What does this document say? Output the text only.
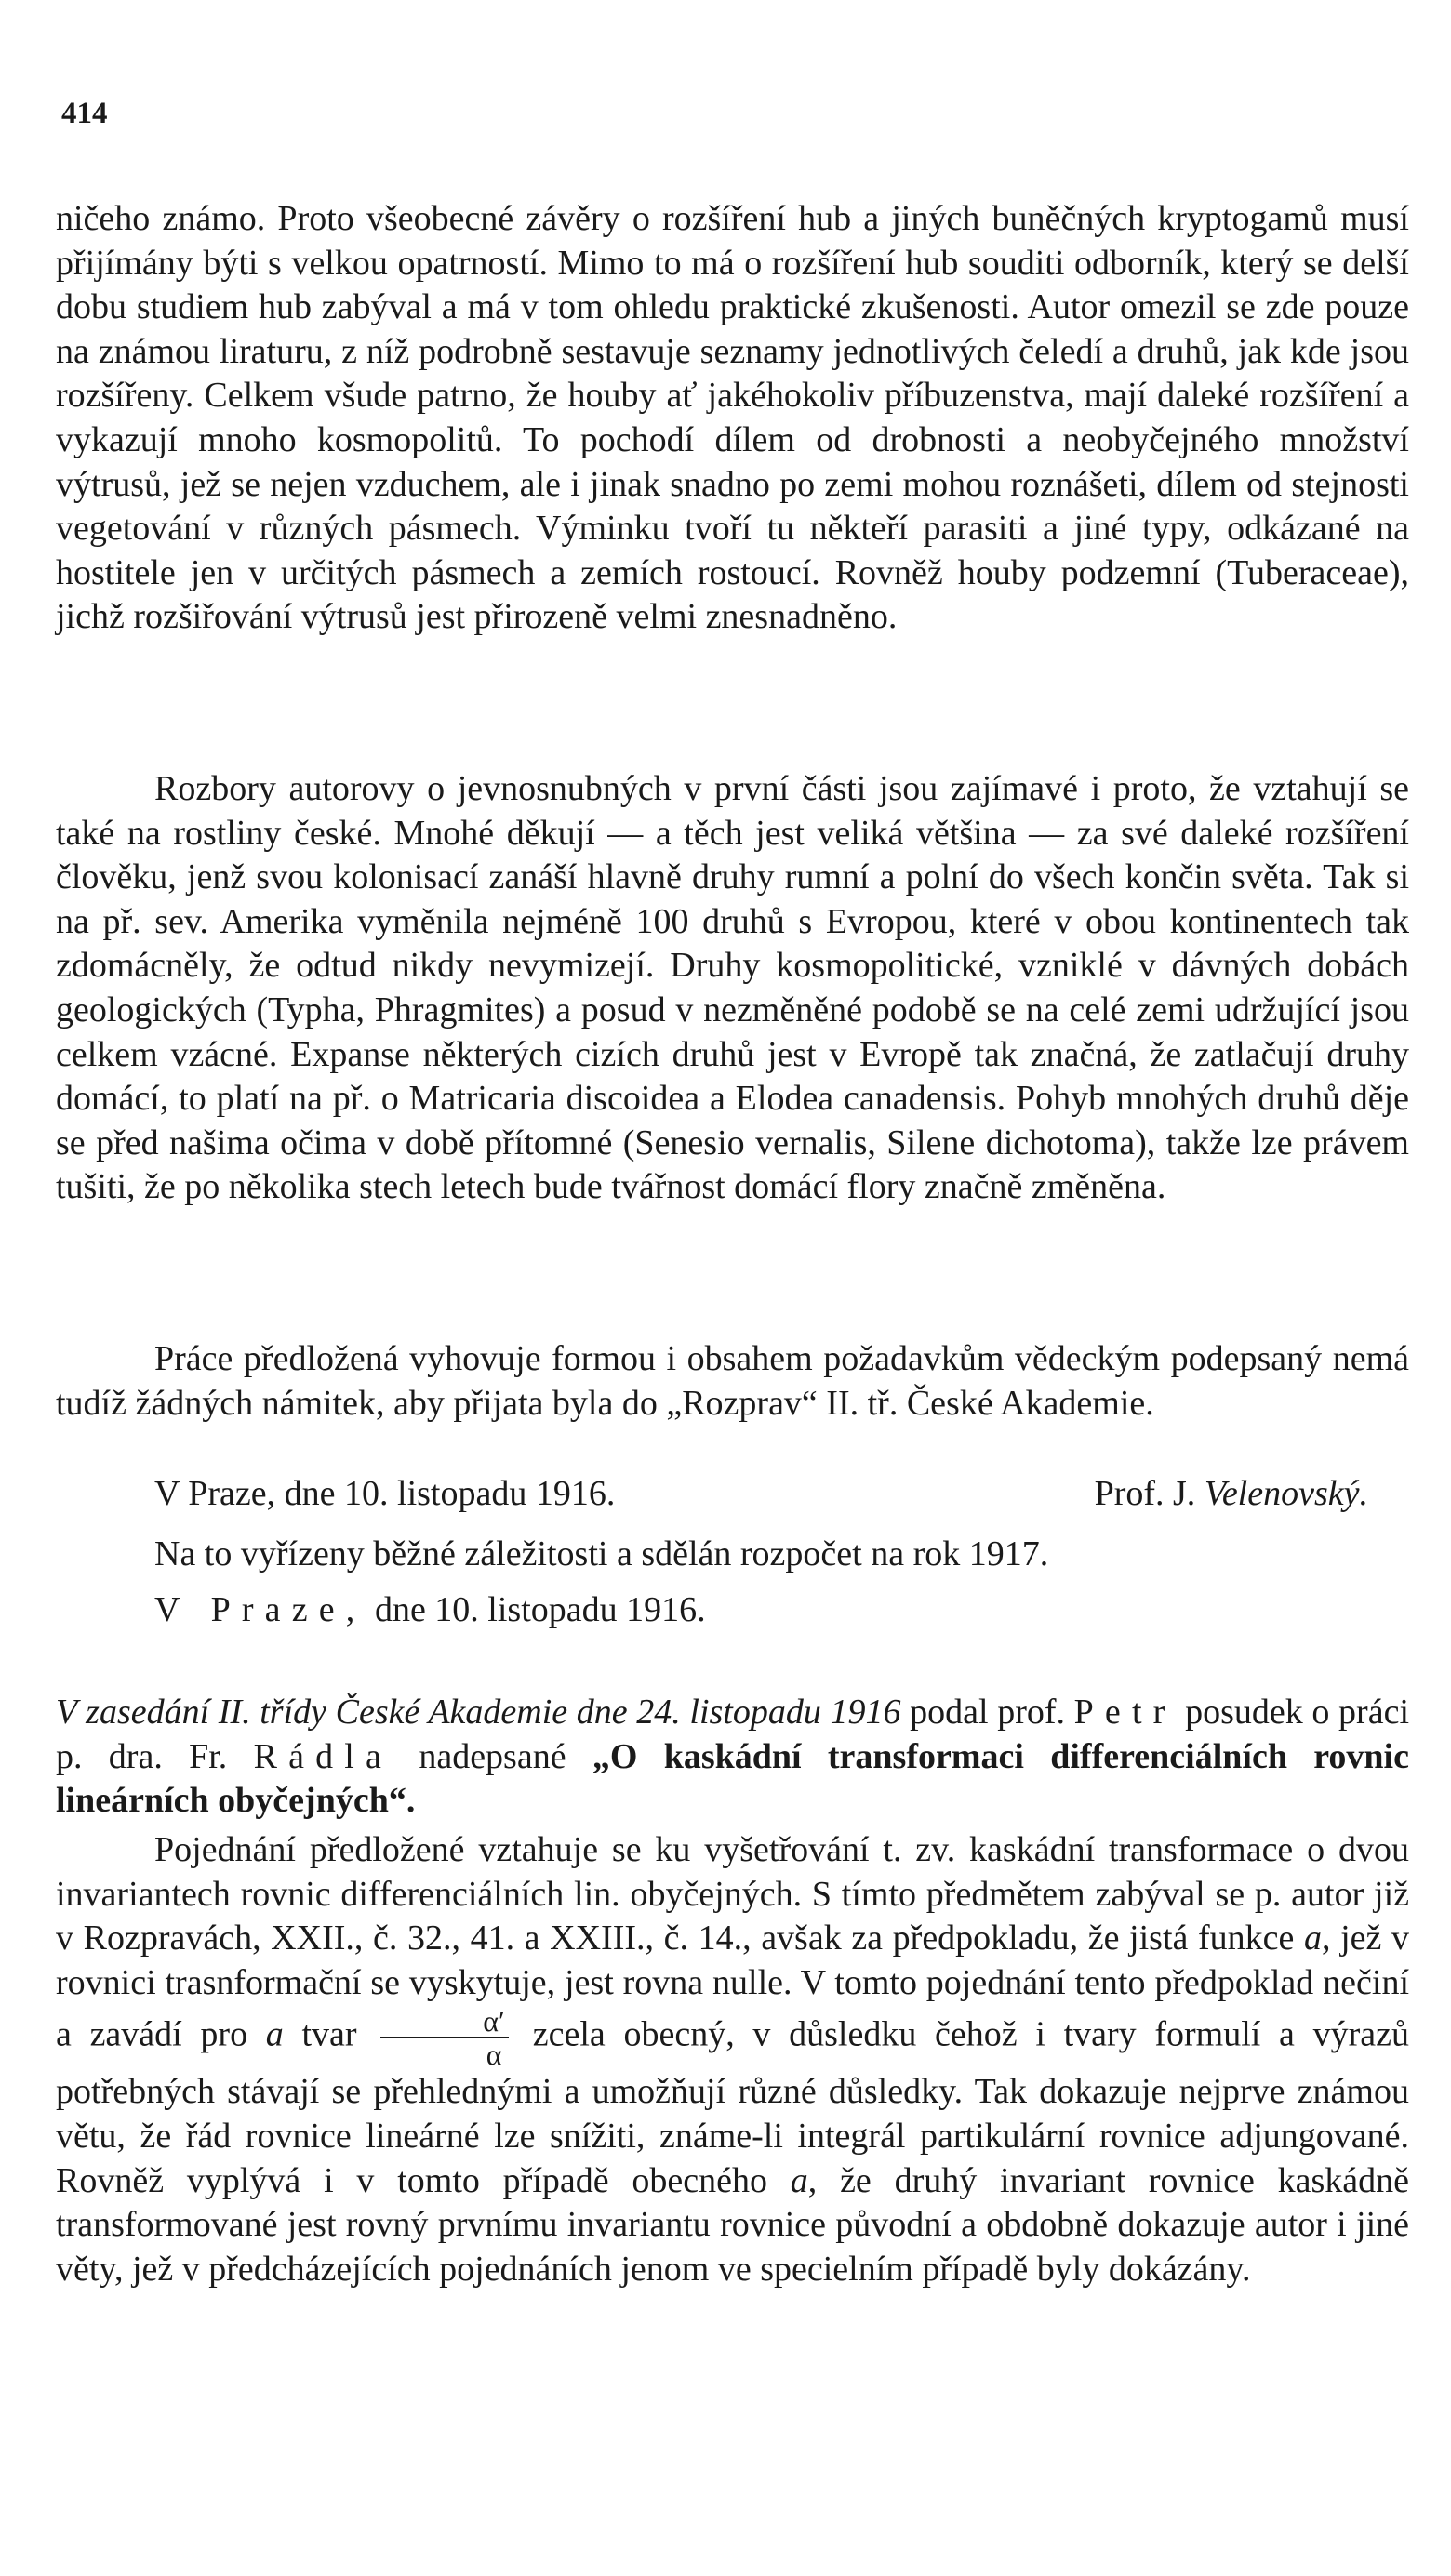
414

ničeho známo. Proto všeobecné závěry o rozšíření hub a jiných buněčných kryptogamů musí přijímány býti s velkou opatrností. Mimo to má o rozšíření hub souditi odborník, který se delší dobu studiem hub zabýval a má v tom ohledu praktické zkušenosti. Autor omezil se zde pouze na známou liraturu, z níž podrobně sestavuje seznamy jednotlivých čeledí a druhů, jak kde jsou rozšířeny. Celkem všude patrno, že houby ať jakéhokoliv příbuzenstva, mají daleké rozšíření a vykazují mnoho kosmopolitů. To pochodí dílem od drobnosti a neobyčejného množství výtrusů, jež se nejen vzduchem, ale i jinak snadno po zemi mohou roznášeti, dílem od stejnosti vegetování v různých pásmech. Výminku tvoří tu někteří parasiti a jiné typy, odkázané na hostitele jen v určitých pásmech a zemích rostoucí. Rovněž houby podzemní (Tuberaceae), jichž rozšiřování výtrusů jest přirozeně velmi znesnadněno.

Rozbory autorovy o jevnosnubných v první části jsou zajímavé i proto, že vztahují se také na rostliny české. Mnohé děkují — a těch jest veliká většina — za své daleké rozšíření člověku, jenž svou kolonisací zanáší hlavně druhy rumní a polní do všech končin světa. Tak si na př. sev. Amerika vyměnila nejméně 100 druhů s Evropou, které v obou kontinentech tak zdomácněly, že odtud nikdy nevymizejí. Druhy kosmopolitické, vzniklé v dávných dobách geologických (Typha, Phragmites) a posud v nezměněné podobě se na celé zemi udržující jsou celkem vzácné. Expanse některých cizích druhů jest v Evropě tak značná, že zatlačují druhy domácí, to platí na př. o Matricaria discoidea a Elodea canadensis. Pohyb mnohých druhů děje se před našima očima v době přítomné (Senesio vernalis, Silene dichotoma), takže lze právem tušiti, že po několika stech letech bude tvářnost domácí flory značně změněna.

Práce předložená vyhovuje formou i obsahem požadavkům vědeckým podepsaný nemá tudíž žádných námitek, aby přijata byla do „Rozprav“ II. tř. České Akademie.

V Praze, dne 10. listopadu 1916.	Prof. J. Velenovský.
Na to vyřízeny běžné záležitosti a sdělán rozpočet na rok 1917.
V Praze, dne 10. listopadu 1916.

V zasedání II. třídy České Akademie dne 24. listopadu 1916 podal prof. Petr posudek o práci p. dra. Fr. Rádla nadepsané „O kaskádní transformaci differenciálních rovnic lineárních obyčejných“.

Pojednání předložené vztahuje se ku vyšetřování t. zv. kaskádní transformace o dvou invariantech rovnic differenciálních lin. obyčejných. S tímto předmětem zabýval se p. autor již v Rozpravách, XXII., č. 32., 41. a XXIII., č. 14., avšak za předpokladu, že jistá funkce a, jež v rovnici trasnformační se vyskytuje, jest rovna nulle. V tomto pojednání tento předpoklad nečiní a zavádí pro a tvar $\frac{\alpha'}{\alpha}$ zcela obecný, v důsledku čehož i tvary formulí a výrazů potřebných stávají se přehlednými a umožňují různé důsledky. Tak dokazuje nejprve známou větu, že řád rovnice lineárné lze snížiti, známe-li integrál partikulární rovnice adjungované. Rovněž vyplývá i v tomto případě obecného a, že druhý invariant rovnice kaskádně transformované jest rovný prvnímu invariantu rovnice původní a obdobně dokazuje autor i jiné věty, jež v předcházejících pojednáních jenom ve specielním případě byly dokázány.
